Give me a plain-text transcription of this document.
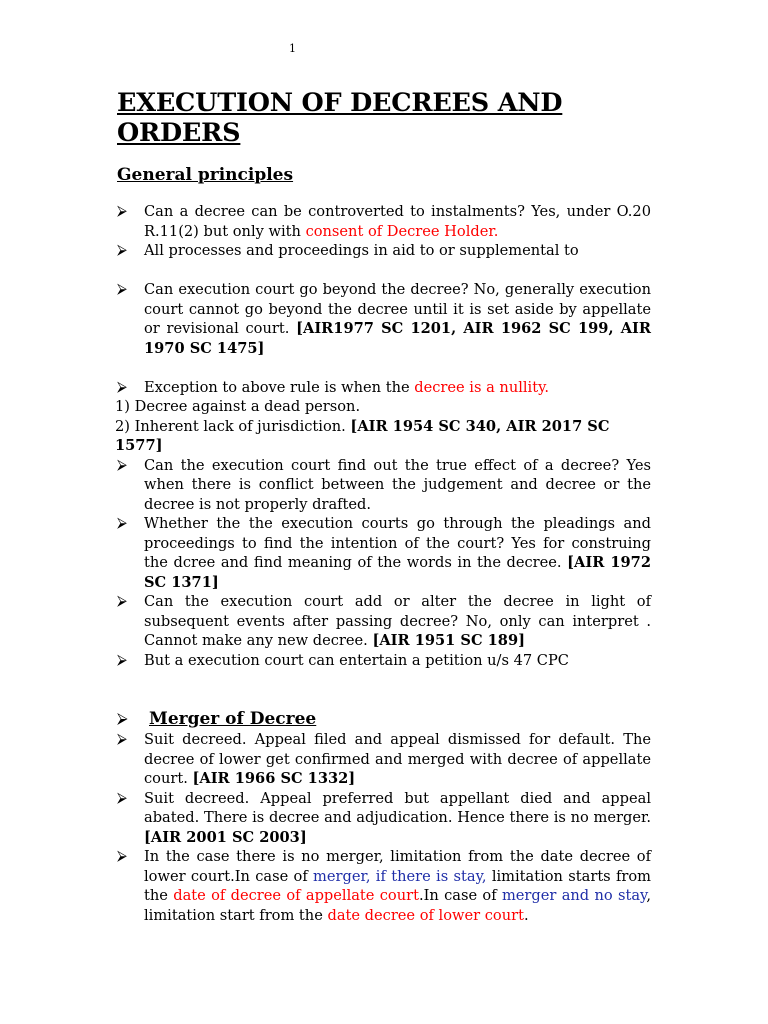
1
EXECUTION OF DECREES AND
ORDERS
General principles
⮚	Can a decree can be controverted to instalments? Yes, under O.20 R.11(2) but only with consent of Decree Holder.
⮚	All processes and proceedings in aid to or supplemental to
⮚	Can execution court go beyond the decree? No, generally execution court cannot go beyond the decree until it is set aside by appellate or revisional court. [AIR1977 SC 1201, AIR 1962 SC 199, AIR 1970 SC 1475]
⮚	Exception to above rule is when the decree is a nullity.
1) Decree against a dead person.
2) Inherent lack of jurisdiction. [AIR 1954 SC 340, AIR 2017 SC 1577]
⮚	Can the execution court find out the true effect of a decree? Yes when there is conflict between the judgement and decree or the decree is not properly drafted.
⮚	Whether the the execution courts go through the pleadings and proceedings to find the intention of the court? Yes for construing the dcree and find meaning of the words in the decree. [AIR 1972 SC 1371]
⮚	Can the execution court add or alter the decree in light of subsequent events after passing decree? No, only can interpret . Cannot make any new decree. [AIR 1951 SC 189]
⮚	But a execution court can entertain a petition u/s 47 CPC
⮚ Merger of Decree
⮚	Suit decreed. Appeal filed and appeal dismissed for default. The decree of lower get confirmed and merged with decree of appellate court. [AIR 1966 SC 1332]
⮚	Suit decreed. Appeal preferred but appellant died and appeal abated. There is decree and adjudication. Hence there is no merger. [AIR 2001 SC 2003]
⮚	In the case there is no merger, limitation from the date decree of lower court.In case of merger, if there is stay, limitation starts from the date of decree of appellate court.In case of merger and no stay, limitation start from the date decree of lower court.
